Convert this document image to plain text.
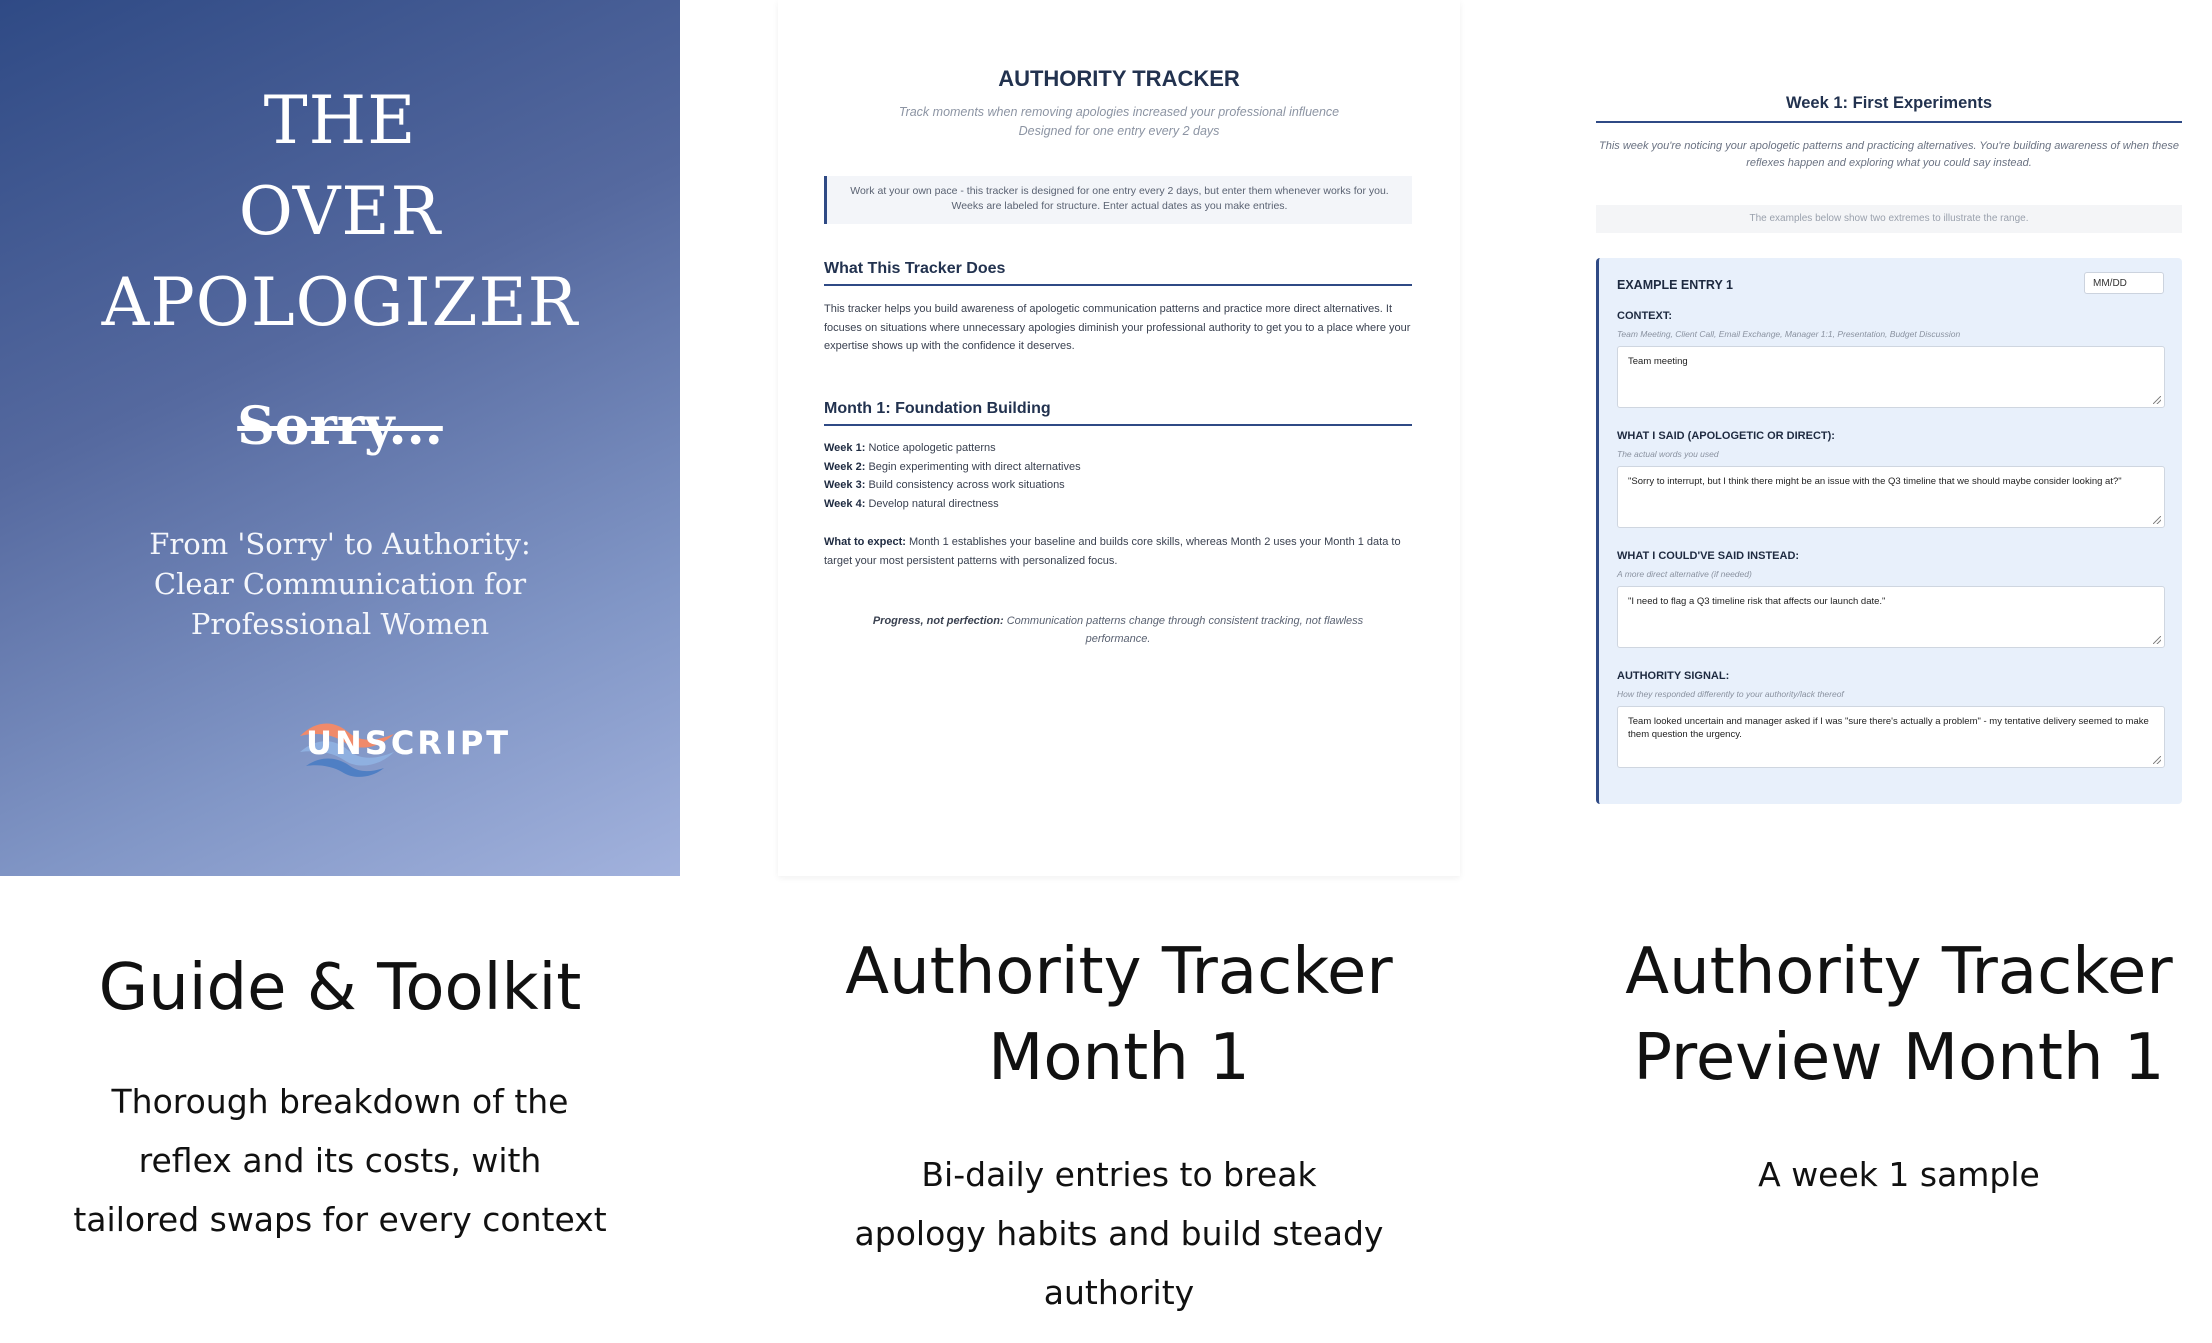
THE
OVER
APOLOGIZER
Sorry...
From 'Sorry' to Authority:
Clear Communication for
Professional Women
UNSCRIPT
AUTHORITY TRACKER
Track moments when removing apologies increased your professional influence
Designed for one entry every 2 days
Work at your own pace - this tracker is designed for one entry every 2 days, but enter them whenever works for you. Weeks are labeled for structure. Enter actual dates as you make entries.
What This Tracker Does
This tracker helps you build awareness of apologetic communication patterns and practice more direct alternatives. It focuses on situations where unnecessary apologies diminish your professional authority to get you to a place where your expertise shows up with the confidence it deserves.
Month 1: Foundation Building
Week 1: Notice apologetic patterns
Week 2: Begin experimenting with direct alternatives
Week 3: Build consistency across work situations
Week 4: Develop natural directness
What to expect: Month 1 establishes your baseline and builds core skills, whereas Month 2 uses your Month 1 data to target your most persistent patterns with personalized focus.
Progress, not perfection: Communication patterns change through consistent tracking, not flawless performance.
Week 1: First Experiments
This week you're noticing your apologetic patterns and practicing alternatives. You're building awareness of when these reflexes happen and exploring what you could say instead.
The examples below show two extremes to illustrate the range.
EXAMPLE ENTRY 1	MM/DD
CONTEXT:
Team Meeting, Client Call, Email Exchange, Manager 1:1, Presentation, Budget Discussion
Team meeting
WHAT I SAID (APOLOGETIC OR DIRECT):
The actual words you used
"Sorry to interrupt, but I think there might be an issue with the Q3 timeline that we should maybe consider looking at?"
WHAT I COULD'VE SAID INSTEAD:
A more direct alternative (if needed)
"I need to flag a Q3 timeline risk that affects our launch date."
AUTHORITY SIGNAL:
How they responded differently to your authority/lack thereof
Team looked uncertain and manager asked if I was "sure there's actually a problem" - my tentative delivery seemed to make them question the urgency.
Guide & Toolkit
Thorough breakdown of the
reflex and its costs, with
tailored swaps for every context
Authority Tracker
Month 1
Bi-daily entries to break
apology habits and build steady
authority
Authority Tracker
Preview Month 1
A week 1 sample
